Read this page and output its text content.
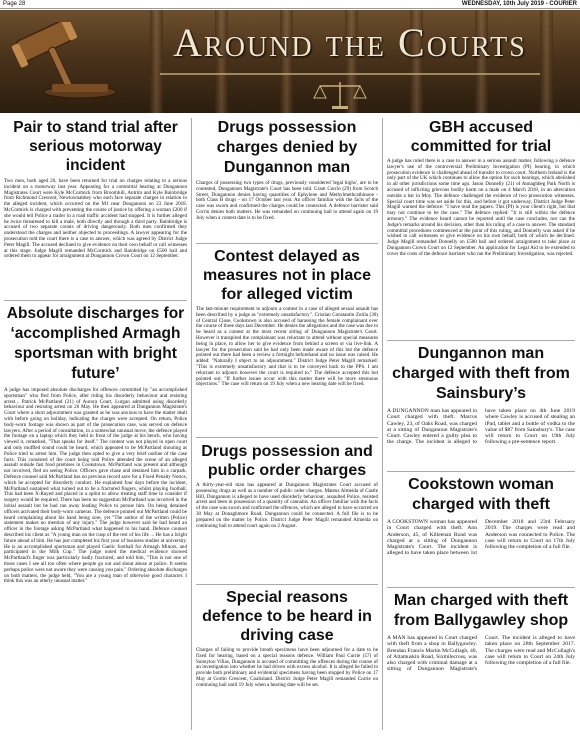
Page 28	WEDNESDAY, 10th July 2019 - COURIER
Around the Courts
Pair to stand trial after serious motorway incident
Two men, both aged 20, have been returned for trial on charges relating to a serious incident on a motorway last year. Appearing for a committal hearing at Dungannon Magistrates Court were Kyle McCormick from Broomhill, Antrim and Kyle Bainbridge from Richmond Crescent, Newtownabbey who each face separate charges in relation to the alleged incident, which occurred on the M1 near Dungannon on 23 June 2018. McCormick is charged with preventing the course of justice by offering a woman £200 if she would tell Police a trailer in a road traffic accident had stopped. It is further alleged he twice threatened to kill a male, both directly and through a third party. Bainbridge is accused of two separate counts of driving dangerously. Both men confirmed they understood the charges and neither objected to proceedings. A lawyer appearing for the prosecution told the court there is a case to answer, which was agreed by District Judge Peter Magill. The accused declined to give evidence on their own behalf or call witnesses at this stage. Judge Magill remanded McCormick and Bainbridge on £500 bail and ordered them to appear for arraignment at Dungannon Crown Court on 12 September.
Absolute discharges for ‘accomplished Armagh sportsman with bright future’
A judge has imposed absolute discharges for offences committed by "an accomplished sportsman" who fled from Police, after riding his disorderly behaviour and resisting arrest... Patrick McPartland (21) of Aurora Court, Lurgan admitted using disorderly behaviour and resisting arrest on 26 May. He then appeared at Dungannon Magistrate's Court where a short adjournment was granted as he was anxious to have the matter dealt with before going on holiday, indicating the charges were accepted. On return, Police body-worn footage was shown as part of the prosecution case, was served on defence lawyers. After a period of consultation, in a somewhat unusual move, the defence played the footage on a laptop which they held in front of the judge at his bench, who having viewed it, remarked, "That speaks for itself." The content was not played in open court and only muffled sound could be heard, which appeared to be McPartland shouting as Police tried to arrest him. The judge then opted to give a very brief outline of the case facts. This consisted of the court being told Police attended the scene of an alleged assault outside fast food premises in Cookstown. McPartland was present and although not involved, fled on seeing Police. Officers gave chase and detained him in a carpark. Defence counsel said McPartland has no previous record save for a Fixed Penalty Notice, which he accepted for disorderly conduct. He explained four days before the incident, McPartland sustained what turned out to be a fractured fingers, whilst playing football. This had been X-Rayed and placed in a splint to allow treating staff time to consider if surgery would be required. There has been no suggestion McPartland was involved in the initial assault but he had run away leading Police to pursue him. On being detained officers activated their body-worn cameras. The defence pointed out McPartland could be heard complaining about his hand being sore, yet "The author of the written (Police) statement makes no mention of any injury." The judge however said he had heard an officer in the footage asking McPartland what happened to his hand. Defence counsel described his client as "A young man on the cusp of the rest of his life ... He has a bright future ahead of him. He has just completed his first year of business studies at university. He is an accomplished sportsman and played Gaelic football for Armagh Minors, and participated in the Milk Cup." The judge noted the medical evidence showed McPartland's finger was particularly badly fractured, and told him, "This is not one of those cases I see all too often where people go out and shout abuse at police. It seems perhaps police were not aware they were causing you pain." Ordering absolute discharges on both matters, the judge held, "You are a young man of otherwise good character. I think this was an utterly unusual matter."
Drugs possession charges denied by Dungannon man
Charges of possessing two types of drugs, previously considered 'legal highs', are to be contested, Dungannon Magistrate's Court has been told. Grant Corrin (29) from Scotch Street, Dungannon denies having quantities of Ephylone and Methylmethcathinone - both Class B drugs - on 17 October last year. An officer familiar with the facts of the case was sworn and confirmed the charges could be connected. A defence barrister said Corrin denies both matters. He was remanded on continuing bail to attend again on 19 July when a contest date is to be fixed.
Contest delayed as measures not in place for alleged victim
The last-minute requirement to adjourn a contest in a case of alleged sexual assault has been described by a judge as "extremely unsatisfactory". Cristian Constantin Zotila (30) of Central Close, Cookstown is also accused of harassing the female complainant over the course of three days last December. He denies the allegations and the case was due to be heard as a contest at the most recent sitting of Dungannon Magistrate's Court. However it transpired the complainant was reluctant to attend without special measures being in place, to allow her to give evidence from behind a screen or via live-link. A lawyer for the prosecution said he had only been made aware of this but the defence pointed out there had been a review a fortnight beforehand and no issue was raised. He added: "Naturally I object to an adjournment." District Judge Peter Magill remarked: "This is extremely unsatisfactory and that is to be conveyed back to the PPS. I am reluctant to adjourn however the court is required to." The defence accepted this but pointed out: "If further issues occur with this matter there will be more strenuous objections." The case will return on 19 July when a new hearing date will be fixed.
Drugs possession and public order charges
A thirty-year-old man has appeared at Dungannon Magistrates Court accused of possessing drugs as well as a number of public order charges. Mateus Almeida of Castle Hill, Dungannon is alleged to have used disorderly behaviour, assaulted Police, resisted arrest and been in possession of a quantity of cannabis. An officer familiar with the facts of the case was sworn and confirmed the offences, which are alleged to have occurred on 30 May at Donaghmore Road, Dungannon could be connected. A full file is to be prepared on the matter by Police. District Judge Peter Magill remanded Almeida on continuing bail to attend court again on 2 August.
Special reasons defence to be heard in driving case
Charges of failing to provide breath specimens have been adjourned for a date to be fixed for hearing, based on a special reasons defence. William Paul Currie (57) of Sunnyton Villas, Dungannon is accused of committing the offences during the course of an investigation into whether he had driven with excess alcohol. It is alleged he failed to provide both preliminary and evidential specimens having been stopped by Police on 17 May at Gortin Crescent, Coalisland. District Judge Peter Magill remanded Currie on continuing bail until 19 July when a hearing date will be set.
GBH accused committed for trial
A judge has ruled there is a case to answer in a serious assault matter, following a defence lawyer's use of the controversial Preliminary Investigation (PI) hearing, in which prosecution evidence is challenged ahead of transfer to crown court. Northern Ireland is the only part of the UK which continues to allow the option for such hearings, which abolished in all other jurisdictions some time ago. Jason Donnelly (21) of Annaghbeg Park North is accused of inflicting grievous bodily harm on a male on 4 March 2018, in an altercation outside a bar in Moy. The defence challenged the evidence of two prosecution witnesses. Special court time was set aside for this, and before it got underway, District Judge Peter Magill warned the defence: "I have read the papers. This (PI) is your client's right, but that may not continue to be the case." The defence replied: "It is still within the defence armoury." The evidence heard cannot be reported until the case concludes, nor can the Judge's remarks around his decision, other than his ruling of a case to answer. The standard committal procedures commenced at the point of this ruling, and Donnelly was asked if he wished to call witnesses or give evidence on his own behalf, both of which he declined. Judge Magill remanded Donnelly on £500 bail and ordered arraignment to take place at Dungannon Crown Court on 12 September. An application for Legal Aid to be extended to cover the costs of the defence barrister who ran the Preliminary Investigation, was rejected.
Dungannon man charged with theft from Sainsbury’s
A DUNGANNON man has appeared in Court charged with theft. Marcus Cawley, 23, of Oaks Road, was charged at a sitting of Dungannon Magistrate's Court. Cawley entered a guilty plea to the charge. The incident is alleged to have taken place on 4th June 2019 where Cawley is accused of stealing an iPad, tablet and a bottle of vodka to the value of $87 from Sainsbury's. The case will return to Court on 19th July following a pre-sentence report.
Cookstown woman charged with theft
A COOKSTOWN woman has appeared in Court charged with theft. Ann Anderson, 45, of Killeenan Road was charged at a sitting of Dungannon Magistrate's Court. The incident is alleged to have taken place between 1st December 2018 and 23rd February 2019. The charges were read and Anderson was connected to Police. The case will return to Court on 17th July following the completion of a full file.
Man charged with theft from Ballygawley shop
A MAN has appeared in Court charged with theft from a shop in Ballygawley. Brendan Francis Martin McCullagh, 40, of Altamuskin Road, Sixmilecross, was also charged with criminal damage at a sitting of Dungannon Magistrate's Court. The incident is alleged to have taken place on 28th September 2017. The charges were read and McCullagh's case will return to Court on 24th July following the completion of a full file.
